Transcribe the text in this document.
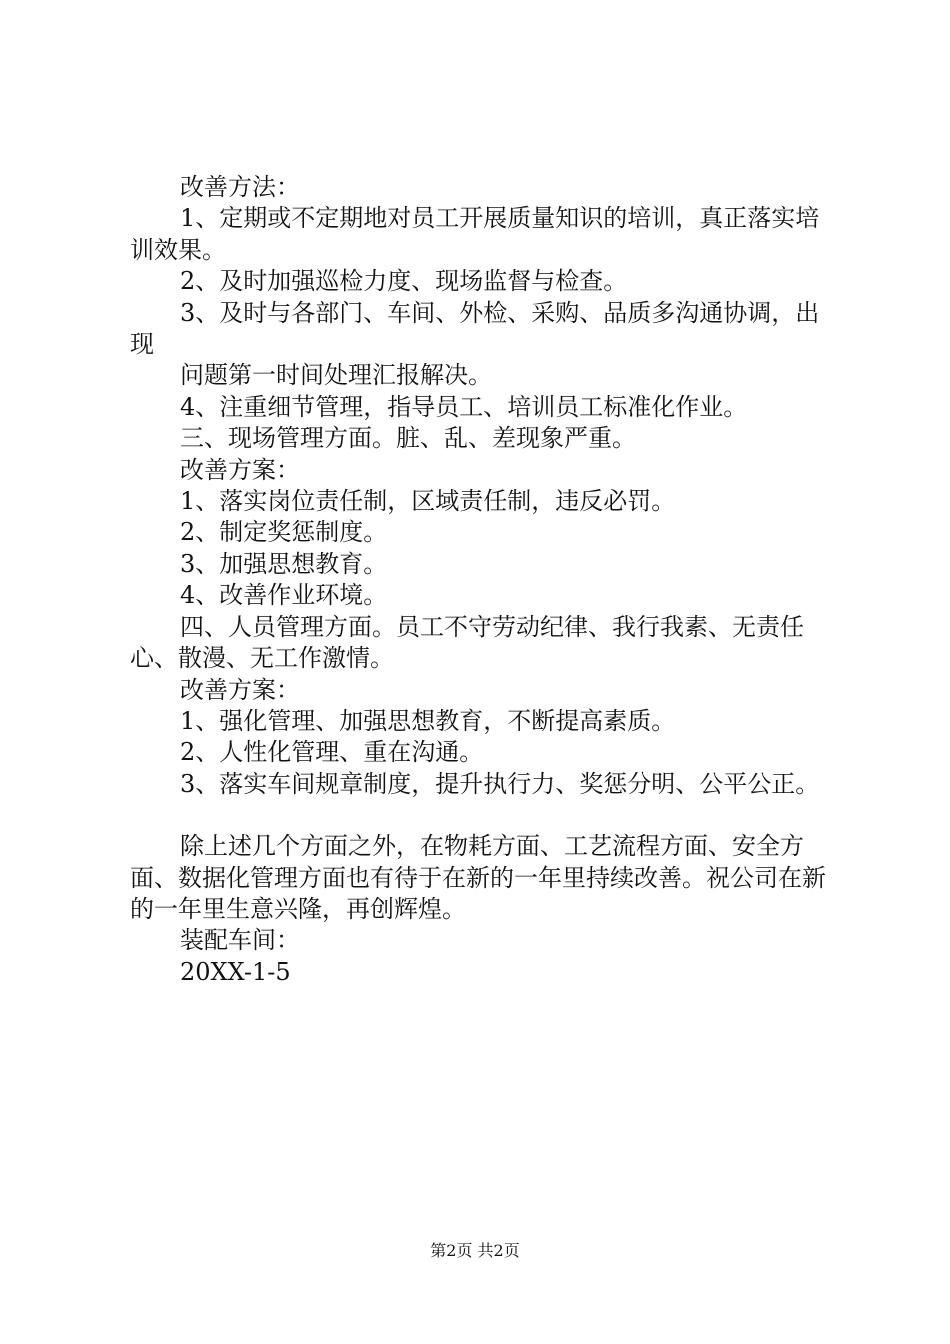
改善方法：

1、定期或不定期地对员工开展质量知识的培训，真正落实培训效果。

2、及时加强巡检力度、现场监督与检查。

3、及时与各部门、车间、外检、采购、品质多沟通协调，出现

问题第一时间处理汇报解决。

4、注重细节管理，指导员工、培训员工标准化作业。

三、现场管理方面。脏、乱、差现象严重。

改善方案：

1、落实岗位责任制，区域责任制，违反必罚。

2、制定奖惩制度。

3、加强思想教育。

4、改善作业环境。

四、人员管理方面。员工不守劳动纪律、我行我素、无责任心、散漫、无工作激情。

改善方案：

1、强化管理、加强思想教育，不断提高素质。

2、人性化管理、重在沟通。

3、落实车间规章制度，提升执行力、奖惩分明、公平公正。

除上述几个方面之外，在物耗方面、工艺流程方面、安全方面、数据化管理方面也有待于在新的一年里持续改善。祝公司在新的一年里生意兴隆，再创辉煌。

装配车间：

20XX-1-5

第2页 共2页
